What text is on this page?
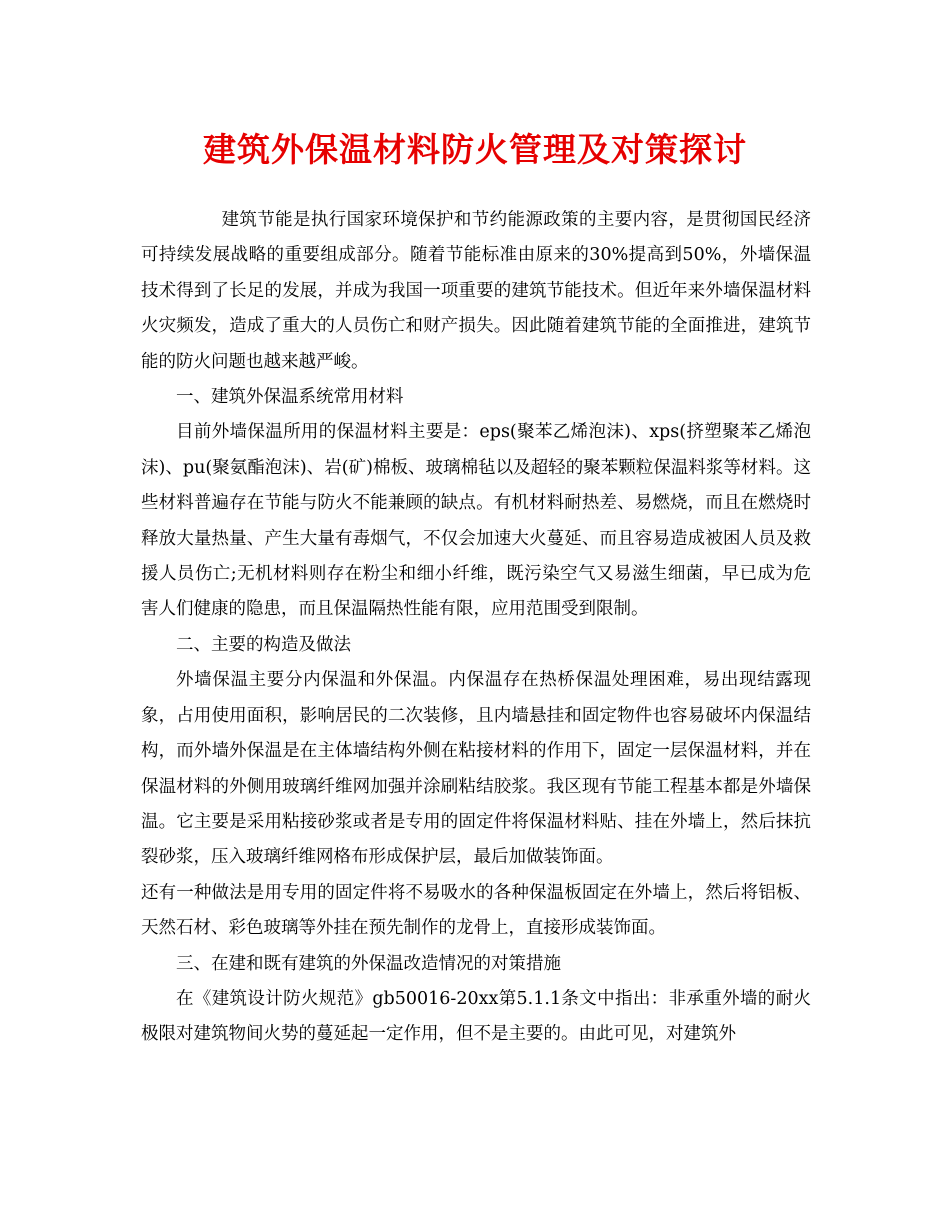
建筑外保温材料防火管理及对策探讨

建筑节能是执行国家环境保护和节约能源政策的主要内容，是贯彻国民经济可持续发展战略的重要组成部分。随着节能标准由原来的30%提高到50%，外墙保温技术得到了长足的发展，并成为我国一项重要的建筑节能技术。但近年来外墙保温材料火灾频发，造成了重大的人员伤亡和财产损失。因此随着建筑节能的全面推进，建筑节能的防火问题也越来越严峻。

一、建筑外保温系统常用材料

目前外墙保温所用的保温材料主要是：eps(聚苯乙烯泡沫)、xps(挤塑聚苯乙烯泡沫)、pu(聚氨酯泡沫)、岩(矿)棉板、玻璃棉毡以及超轻的聚苯颗粒保温料浆等材料。这些材料普遍存在节能与防火不能兼顾的缺点。有机材料耐热差、易燃烧，而且在燃烧时释放大量热量、产生大量有毒烟气，不仅会加速大火蔓延、而且容易造成被困人员及救援人员伤亡;无机材料则存在粉尘和细小纤维，既污染空气又易滋生细菌，早已成为危害人们健康的隐患，而且保温隔热性能有限，应用范围受到限制。

二、主要的构造及做法

外墙保温主要分内保温和外保温。内保温存在热桥保温处理困难，易出现结露现象，占用使用面积，影响居民的二次装修，且内墙悬挂和固定物件也容易破坏内保温结构，而外墙外保温是在主体墙结构外侧在粘接材料的作用下，固定一层保温材料，并在保温材料的外侧用玻璃纤维网加强并涂刷粘结胶浆。我区现有节能工程基本都是外墙保温。它主要是采用粘接砂浆或者是专用的固定件将保温材料贴、挂在外墙上，然后抹抗裂砂浆，压入玻璃纤维网格布形成保护层，最后加做装饰面。

还有一种做法是用专用的固定件将不易吸水的各种保温板固定在外墙上，然后将铝板、天然石材、彩色玻璃等外挂在预先制作的龙骨上，直接形成装饰面。

三、在建和既有建筑的外保温改造情况的对策措施

在《建筑设计防火规范》gb50016-20xx第5.1.1条文中指出：非承重外墙的耐火极限对建筑物间火势的蔓延起一定作用，但不是主要的。由此可见，对建筑外
